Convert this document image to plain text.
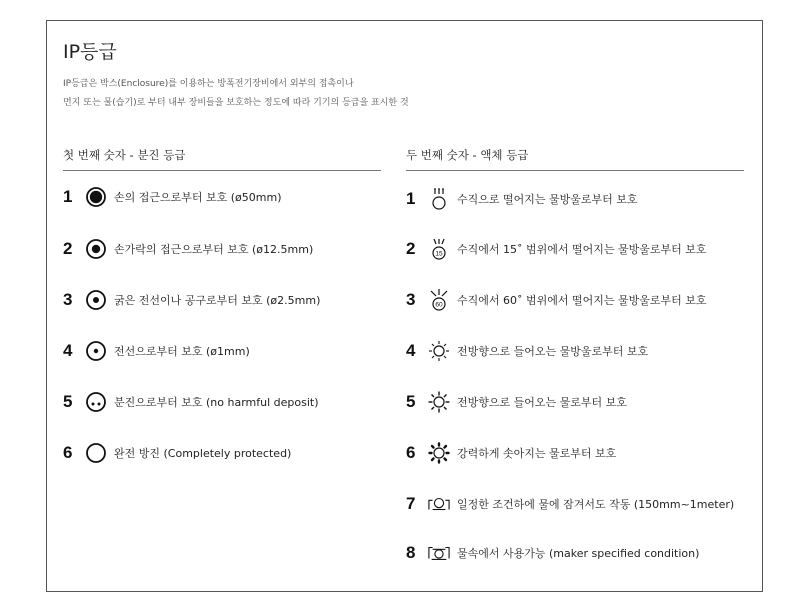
IP등급
IP등급은 박스(Enclosure)를 이용하는 방폭전기장비에서 외부의 접촉이나
먼지 또는 물(습기)로 부터 내부 장비들을 보호하는 정도에 따라 기기의 등급을 표시한 것
첫 번째 숫자 - 분진 등급
1	손의 접근으로부터 보호 (ø50mm)
2	손가락의 접근으로부터 보호 (ø12.5mm)
3	굵은 전선이나 공구로부터 보호 (ø2.5mm)
4	전선으로부터 보호 (ø1mm)
5	분진으로부터 보호 (no harmful deposit)
6	완전 방진 (Completely protected)
두 번째 숫자 - 액체 등급
1	수직으로 떨어지는 물방울로부터 보호
2	15 수직에서 15˚ 범위에서 떨어지는 물방울로부터 보호
3	60 수직에서 60˚ 범위에서 떨어지는 물방울로부터 보호
4	전방향으로 들어오는 물방울로부터 보호
5	전방향으로 들어오는 물로부터 보호
6	강력하게 솟아지는 물로부터 보호
7	일정한 조건하에 물에 잠겨서도 작동 (150mm~1meter)
8	물속에서 사용가능 (maker specified condition)
